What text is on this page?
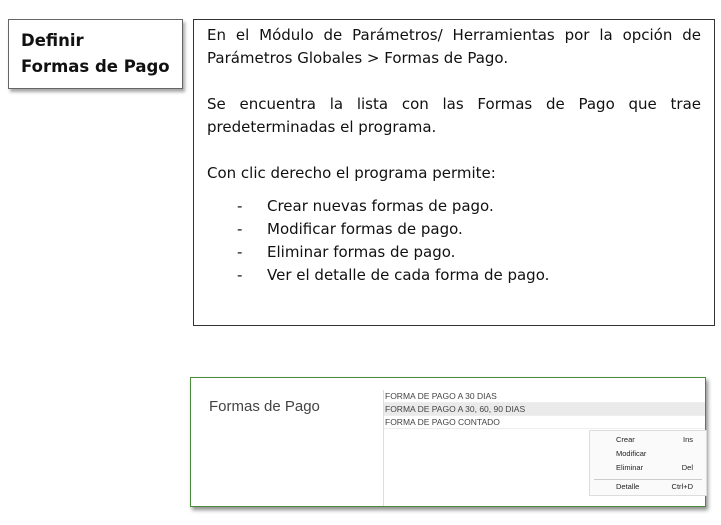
Definir
Formas de Pago

En el Módulo de Parámetros/ Herramientas por la opción de Parámetros Globales > Formas de Pago.

Se encuentra la lista con las Formas de Pago que trae predeterminadas el programa.

Con clic derecho el programa permite:

- Crear nuevas formas de pago.
- Modificar formas de pago.
- Eliminar formas de pago.
- Ver el detalle de cada forma de pago.
Formas de Pago
FORMA DE PAGO A 30 DIAS
FORMA DE PAGO A 30, 60, 90 DIAS
FORMA DE PAGO CONTADO
Crear	Ins
Modificar
Eliminar	Del
Detalle	Ctrl+D
